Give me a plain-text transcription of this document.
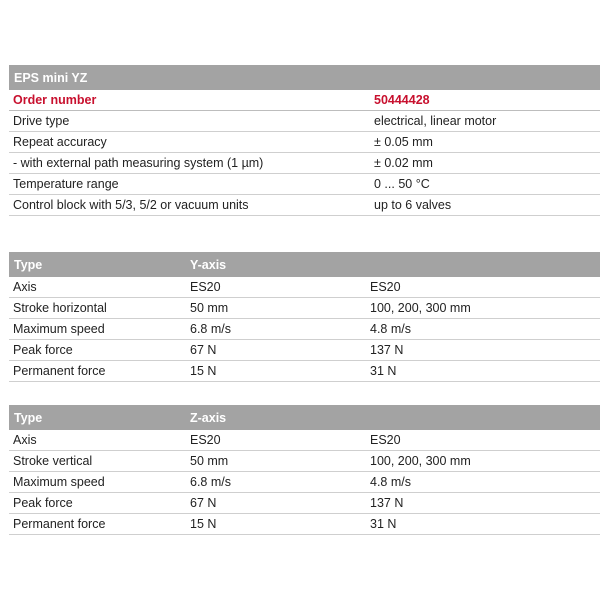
EPS mini YZ
Order number	50444428
Drive type	electrical, linear motor
Repeat accuracy	± 0.05 mm
- with external path measuring system (1 µm)	± 0.02 mm
Temperature range	0 ... 50 °C
Control block with 5/3, 5/2 or vacuum units	up to 6 valves
Type	Y-axis
Axis	ES20	ES20
Stroke horizontal	50 mm	100, 200, 300 mm
Maximum speed	6.8 m/s	4.8 m/s
Peak force	67 N	137 N
Permanent force	15 N	31 N
Type	Z-axis
Axis	ES20	ES20
Stroke vertical	50 mm	100, 200, 300 mm
Maximum speed	6.8 m/s	4.8 m/s
Peak force	67 N	137 N
Permanent force	15 N	31 N
